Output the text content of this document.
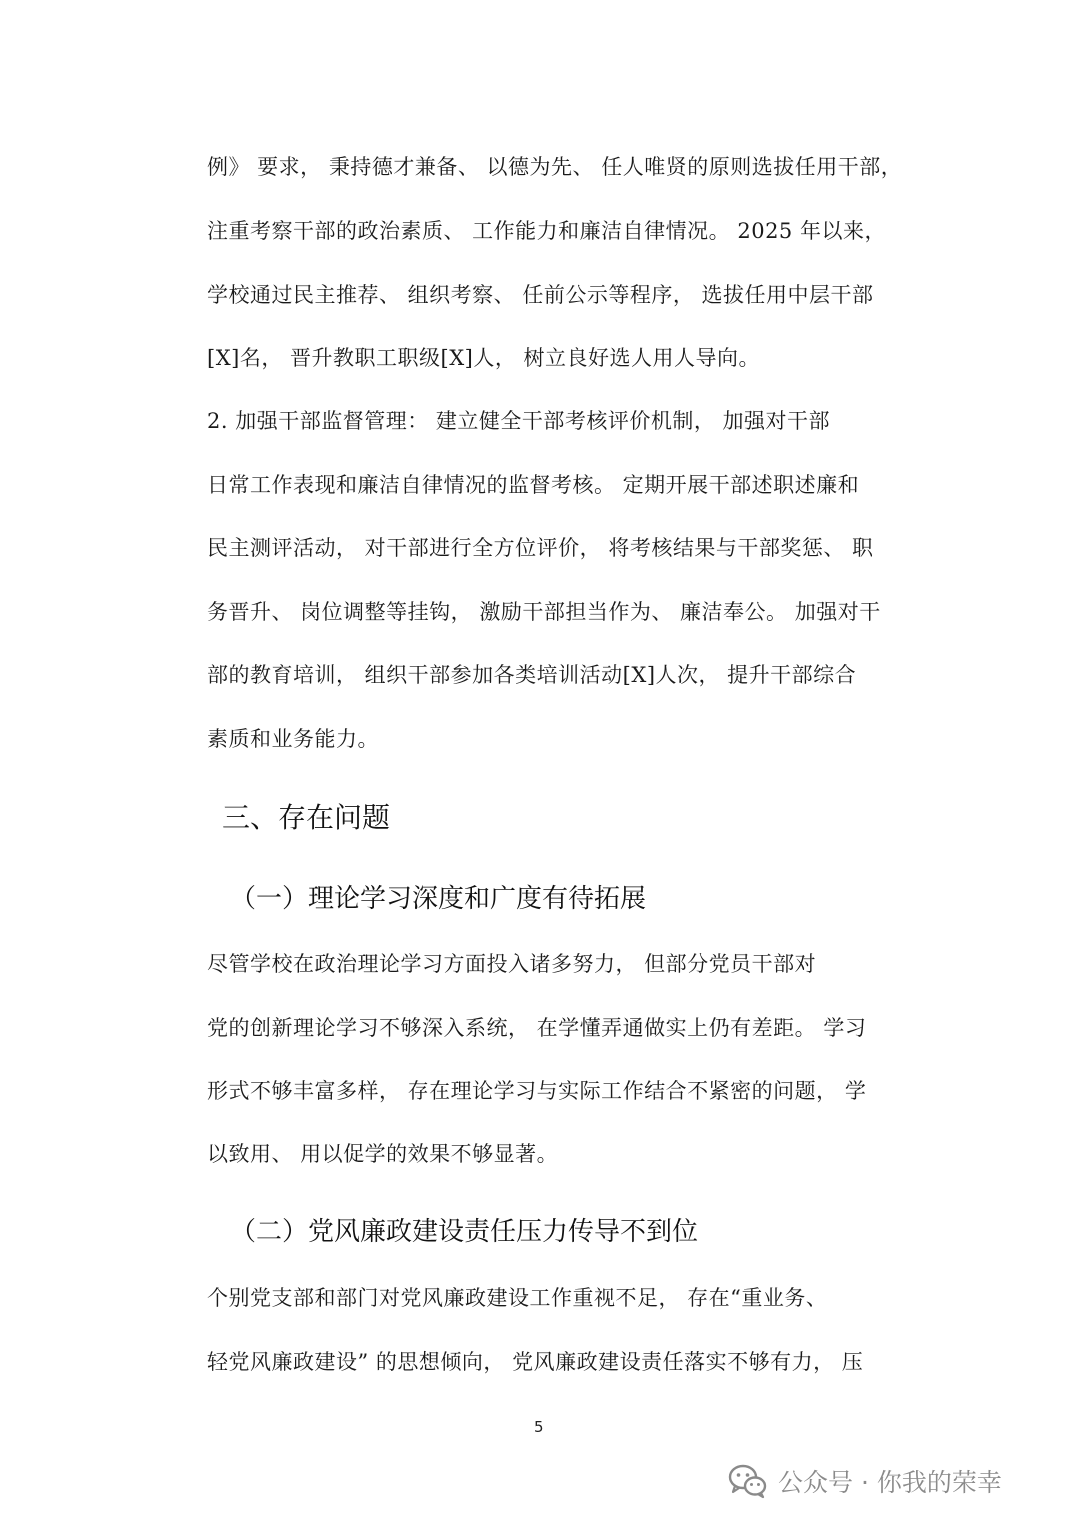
例》 要求， 秉持德才兼备、 以德为先、 任人唯贤的原则选拔任用干部，
注重考察干部的政治素质、 工作能力和廉洁自律情况。 2025 年以来，
学校通过民主推荐、 组织考察、 任前公示等程序， 选拔任用中层干部
[X]名， 晋升教职工职级[X]人， 树立良好选人用人导向。
2. 加强干部监督管理： 建立健全干部考核评价机制， 加强对干部
日常工作表现和廉洁自律情况的监督考核。 定期开展干部述职述廉和
民主测评活动， 对干部进行全方位评价， 将考核结果与干部奖惩、 职
务晋升、 岗位调整等挂钩， 激励干部担当作为、 廉洁奉公。 加强对干
部的教育培训， 组织干部参加各类培训活动[X]人次， 提升干部综合
素质和业务能力。
三、存在问题
（一）理论学习深度和广度有待拓展
尽管学校在政治理论学习方面投入诸多努力， 但部分党员干部对
党的创新理论学习不够深入系统， 在学懂弄通做实上仍有差距。 学习
形式不够丰富多样， 存在理论学习与实际工作结合不紧密的问题， 学
以致用、 用以促学的效果不够显著。
（二）党风廉政建设责任压力传导不到位
个别党支部和部门对党风廉政建设工作重视不足， 存在“重业务、
轻党风廉政建设” 的思想倾向， 党风廉政建设责任落实不够有力， 压
5
公众号 · 你我的荣幸
